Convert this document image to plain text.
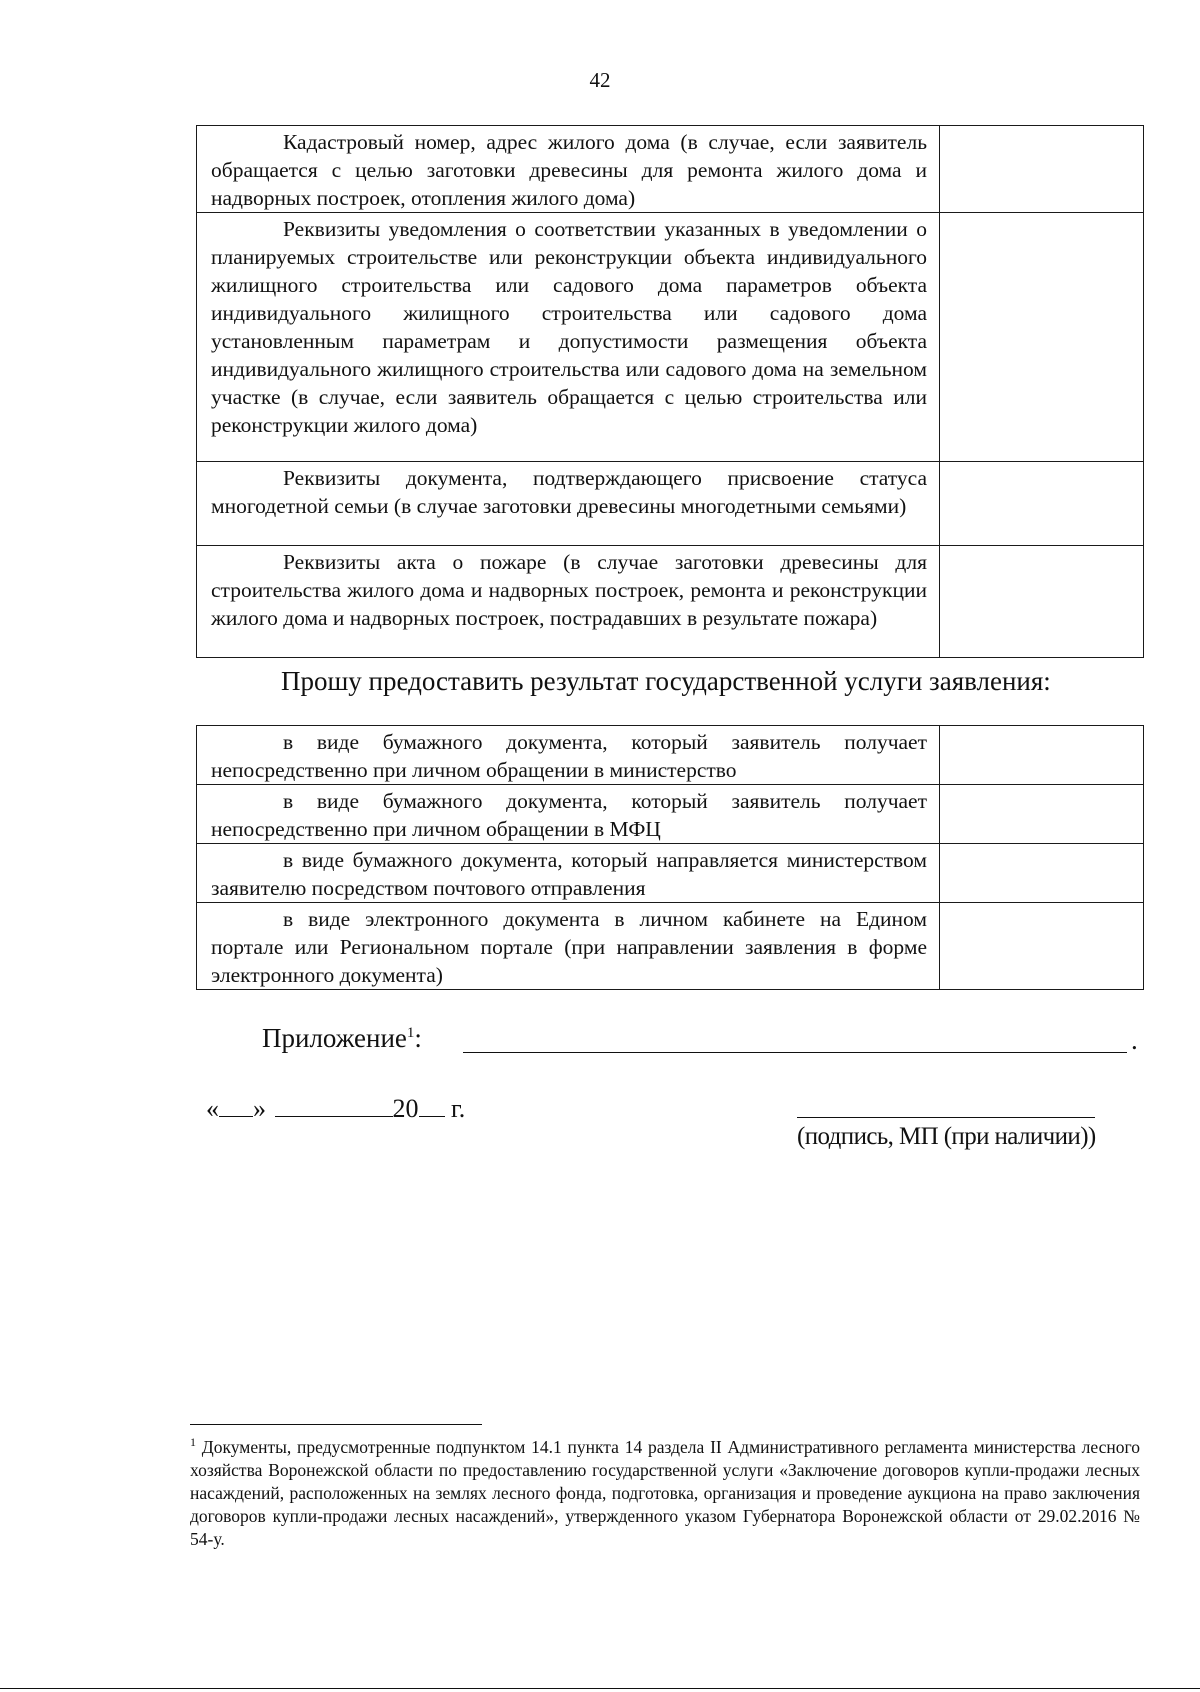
42
Кадастровый номер, адрес жилого дома (в случае, если заявитель обращается с целью заготовки древесины для ремонта жилого дома и надворных построек, отопления жилого дома)	

Реквизиты уведомления о соответствии указанных в уведомлении о планируемых строительстве или реконструкции объекта индивидуального жилищного строительства или садового дома параметров объекта индивидуального жилищного строительства или садового дома установленным параметрам и допустимости размещения объекта индивидуального жилищного строительства или садового дома на земельном участке (в случае, если заявитель обращается с целью строительства или реконструкции жилого дома)	

Реквизиты документа, подтверждающего присвоение статуса многодетной семьи (в случае заготовки древесины многодетными семьями)	

Реквизиты акта о пожаре (в случае заготовки древесины для строительства жилого дома и надворных построек, ремонта и реконструкции жилого дома и надворных построек, пострадавших в результате пожара)	

Прошу предоставить результат государственной услуги заявления:
в виде бумажного документа, который заявитель получает непосредственно при личном обращении в министерство	

в виде бумажного документа, который заявитель получает непосредственно при личном обращении в МФЦ	

в виде бумажного документа, который направляется министерством заявителю посредством почтового отправления	

в виде электронного документа в личном кабинете на Едином портале или Региональном портале (при направлении заявления в форме электронного документа)	

Приложение$^1$:	.
« »	20 г.
(подпись, МП (при наличии))
$^1$ Документы, предусмотренные подпунктом 14.1 пункта 14 раздела II Административного регламента министерства лесного хозяйства Воронежской области по предоставлению государственной услуги «Заключение договоров купли-продажи лесных насаждений, расположенных на землях лесного фонда, подготовка, организация и проведение аукциона на право заключения договоров купли-продажи лесных насаждений», утвержденного указом Губернатора Воронежской области от 29.02.2016 № 54-у.
